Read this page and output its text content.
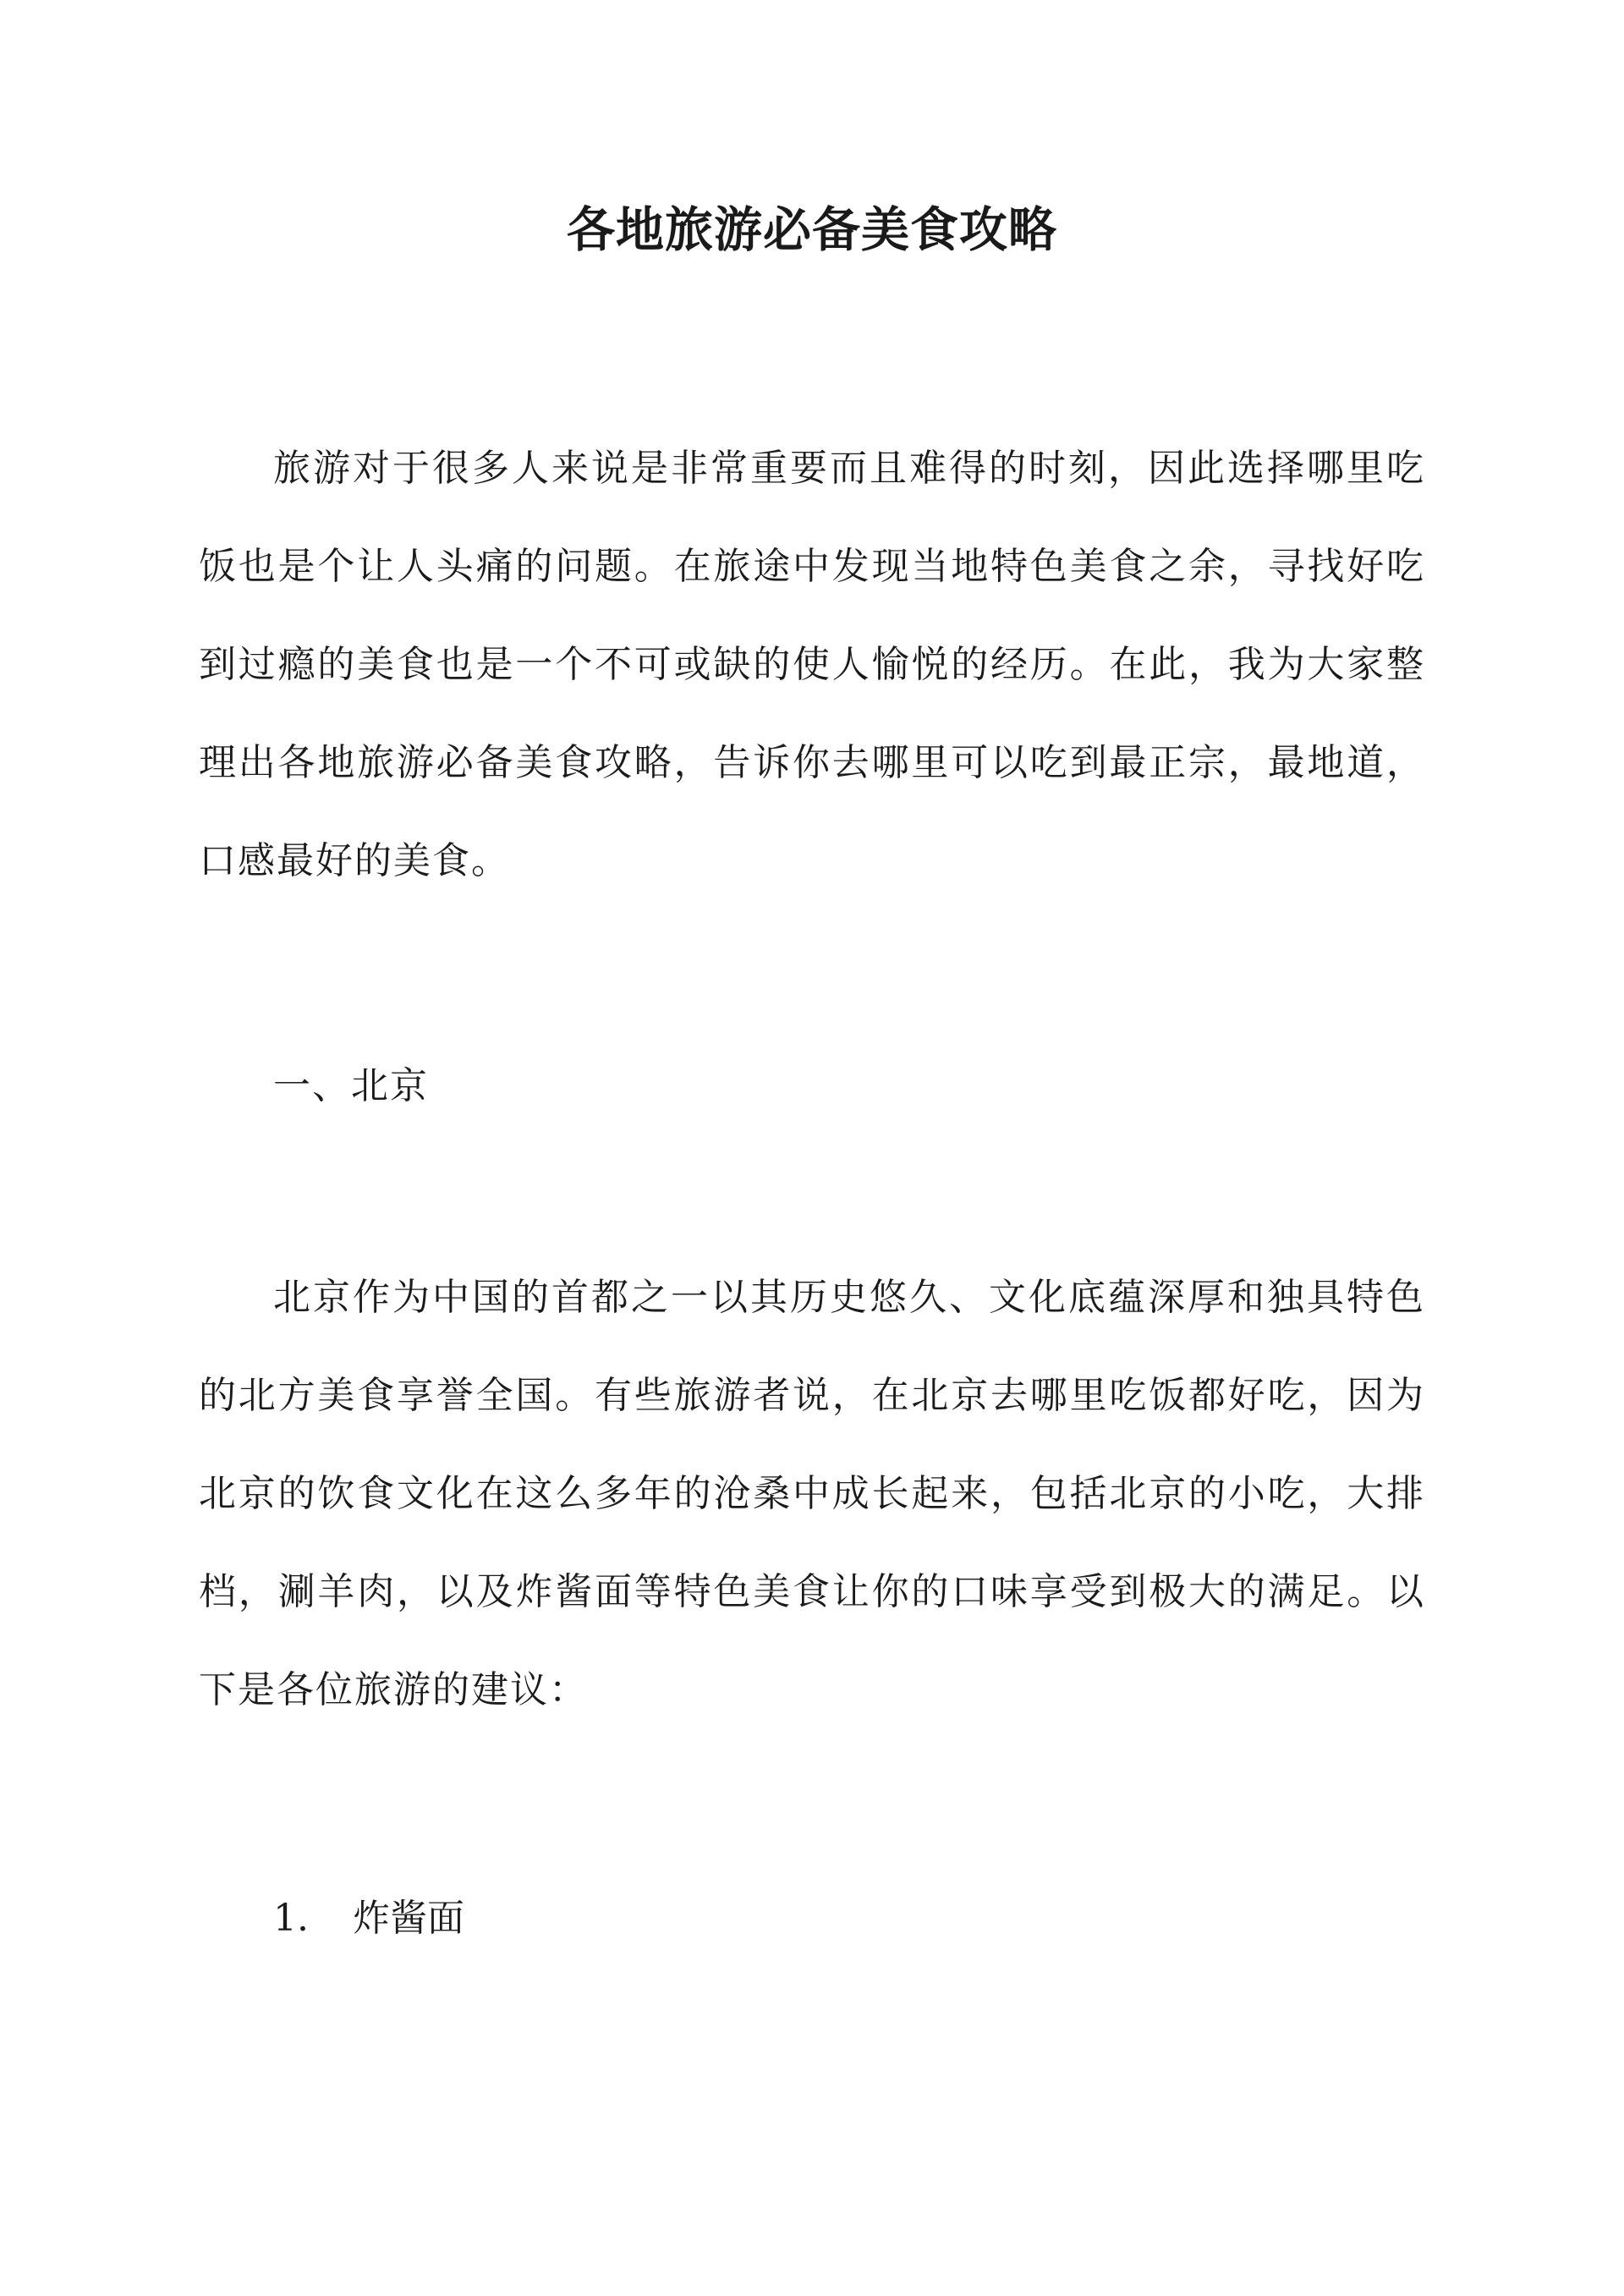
各地旅游必备美食攻略

旅游对于很多人来说是非常重要而且难得的时刻，因此选择哪里吃饭也是个让人头痛的问题。在旅途中发现当地特色美食之余，寻找好吃到过瘾的美食也是一个不可或缺的使人愉悦的经历。在此，我为大家整理出各地旅游必备美食攻略，告诉你去哪里可以吃到最正宗，最地道，口感最好的美食。

一、北京

北京作为中国的首都之一以其历史悠久、文化底蕴深厚和独具特色的北方美食享誉全国。有些旅游者说，在北京去哪里吃饭都好吃，因为北京的饮食文化在这么多年的沧桑中成长起来，包括北京的小吃，大排档，涮羊肉，以及炸酱面等特色美食让你的口味享受到极大的满足。以下是各位旅游的建议：

1. 炸酱面
